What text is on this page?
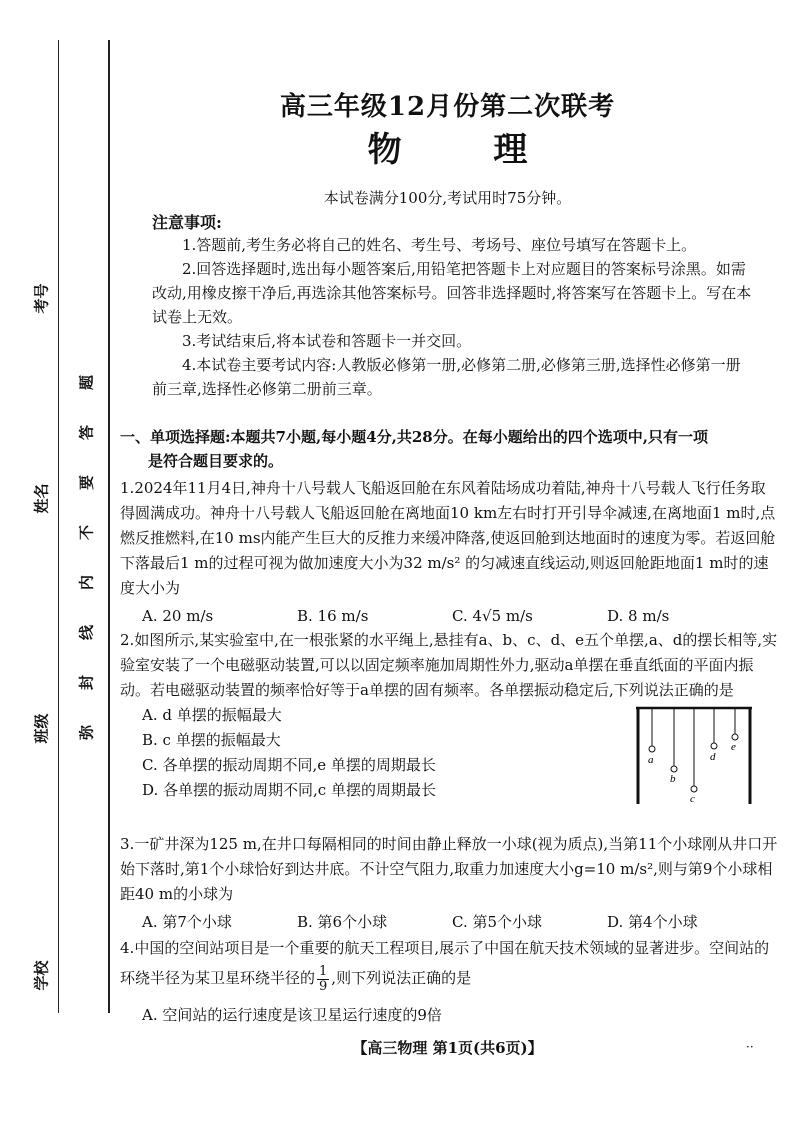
考号
姓名
班级
学校
题
答
要
不
内
线
封
弥
高三年级12月份第二次联考
物 理
本试卷满分100分,考试用时75分钟。
注意事项:

1.答题前,考生务必将自己的姓名、考生号、考场号、座位号填写在答题卡上。

2.回答选择题时,选出每小题答案后,用铅笔把答题卡上对应题目的答案标号涂黑。如需改动,用橡皮擦干净后,再选涂其他答案标号。回答非选择题时,将答案写在答题卡上。写在本试卷上无效。

3.考试结束后,将本试卷和答题卡一并交回。

4.本试卷主要考试内容:人教版必修第一册,必修第二册,必修第三册,选择性必修第一册前三章,选择性必修第二册前三章。

一、单项选择题:本题共7小题,每小题4分,共28分。在每小题给出的四个选项中,只有一项
是符合题目要求的。
1.2024年11月4日,神舟十八号载人飞船返回舱在东风着陆场成功着陆,神舟十八号载人飞行任务取得圆满成功。神舟十八号载人飞船返回舱在离地面10 km左右时打开引导伞减速,在离地面1 m时,点燃反推燃料,在10 ms内能产生巨大的反推力来缓冲降落,使返回舱到达地面时的速度为零。若返回舱下落最后1 m的过程可视为做加速度大小为32 m/s² 的匀减速直线运动,则返回舱距地面1 m时的速度大小为
A. 20 m/s	B. 16 m/s	C. 4√5 m/s	D. 8 m/s
2.如图所示,某实验室中,在一根张紧的水平绳上,悬挂有a、b、c、d、e五个单摆,a、d的摆长相等,实验室安装了一个电磁驱动装置,可以以固定频率施加周期性外力,驱动a单摆在垂直纸面的平面内振动。若电磁驱动装置的频率恰好等于a单摆的固有频率。各单摆振动稳定后,下列说法正确的是
A. d 单摆的振幅最大
B. c 单摆的振幅最大
C. 各单摆的振动周期不同,e 单摆的周期最长
D. 各单摆的振动周期不同,c 单摆的周期最长
3.一矿井深为125 m,在井口每隔相同的时间由静止释放一小球(视为质点),当第11个小球刚从井口开始下落时,第1个小球恰好到达井底。不计空气阻力,取重力加速度大小g=10 m/s²,则与第9个小球相距40 m的小球为
A. 第7个小球	B. 第6个小球	C. 第5个小球	D. 第4个小球
4.中国的空间站项目是一个重要的航天工程项目,展示了中国在航天技术领域的显著进步。空间站的环绕半径为某卫星环绕半径的 $\frac{1}{9}$ ,则下列说法正确的是
A. 空间站的运行速度是该卫星运行速度的9倍
【高三物理 第1页(共6页)】
a
b
c
d
e
··
